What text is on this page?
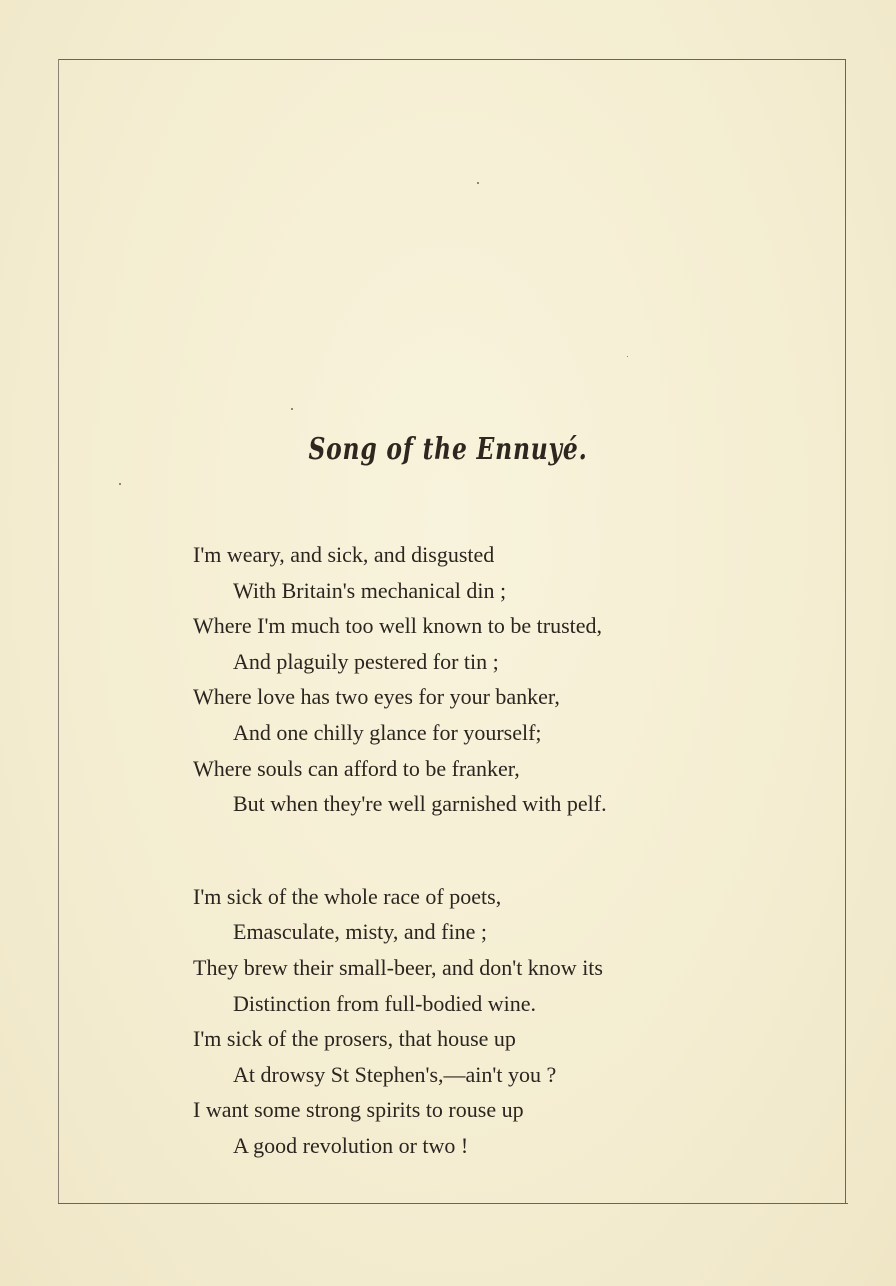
Song of the Ennuyé.
I'm weary, and sick, and disgusted
With Britain's mechanical din ;
Where I'm much too well known to be trusted,
And plaguily pestered for tin ;
Where love has two eyes for your banker,
And one chilly glance for yourself;
Where souls can afford to be franker,
But when they're well garnished with pelf.
I'm sick of the whole race of poets,
Emasculate, misty, and fine ;
They brew their small-beer, and don't know its
Distinction from full-bodied wine.
I'm sick of the prosers, that house up
At drowsy St Stephen's,—ain't you ?
I want some strong spirits to rouse up
A good revolution or two !
